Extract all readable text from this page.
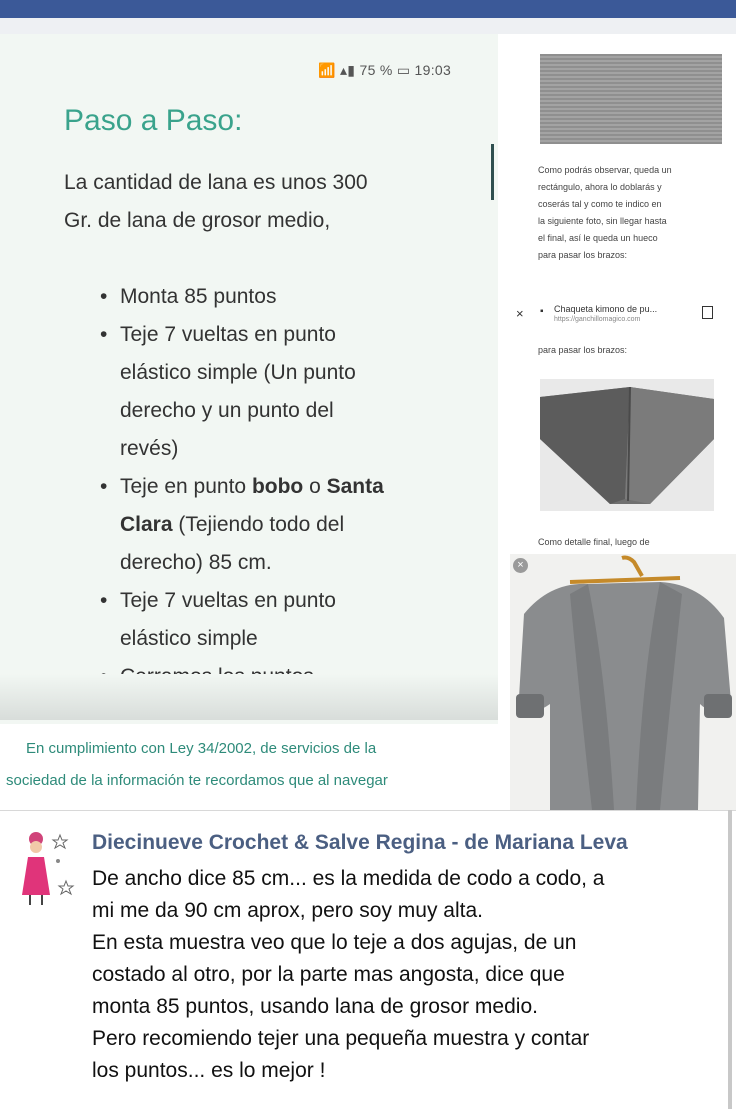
📶 ▴▮ 75 % ▭ 19:03
Paso a Paso:
La cantidad de lana es unos 300
Gr. de lana de grosor medio,
• Monta 85 puntos
• Teje 7 vueltas en punto
elástico simple (Un punto
derecho y un punto del
revés)
• Teje en punto bobo o Santa
Clara (Tejiendo todo del
derecho) 85 cm.
• Teje 7 vueltas en punto
elástico simple
En cumplimiento con Ley 34/2002, de servicios de la
sociedad de la información te recordamos que al navegar
Como podrás observar, queda un
rectángulo, ahora lo doblarás y
coserás tal y como te indico en
la siguiente foto, sin llegar hasta
el final, así le queda un hueco
para pasar los brazos:
× ▪ Chaqueta kimono de pu...
https://ganchillomagico.com
para pasar los brazos:
Como detalle final, luego de
×
Diecinueve Crochet & Salve Regina - de Mariana Leva
De ancho dice 85 cm... es la medida de codo a codo, a
mi me da 90 cm aprox, pero soy muy alta.
En esta muestra veo que lo teje a dos agujas, de un
costado al otro, por la parte mas angosta, dice que
monta 85 puntos, usando lana de grosor medio.
Pero recomiendo tejer una pequeña muestra y contar
los puntos... es lo mejor !
